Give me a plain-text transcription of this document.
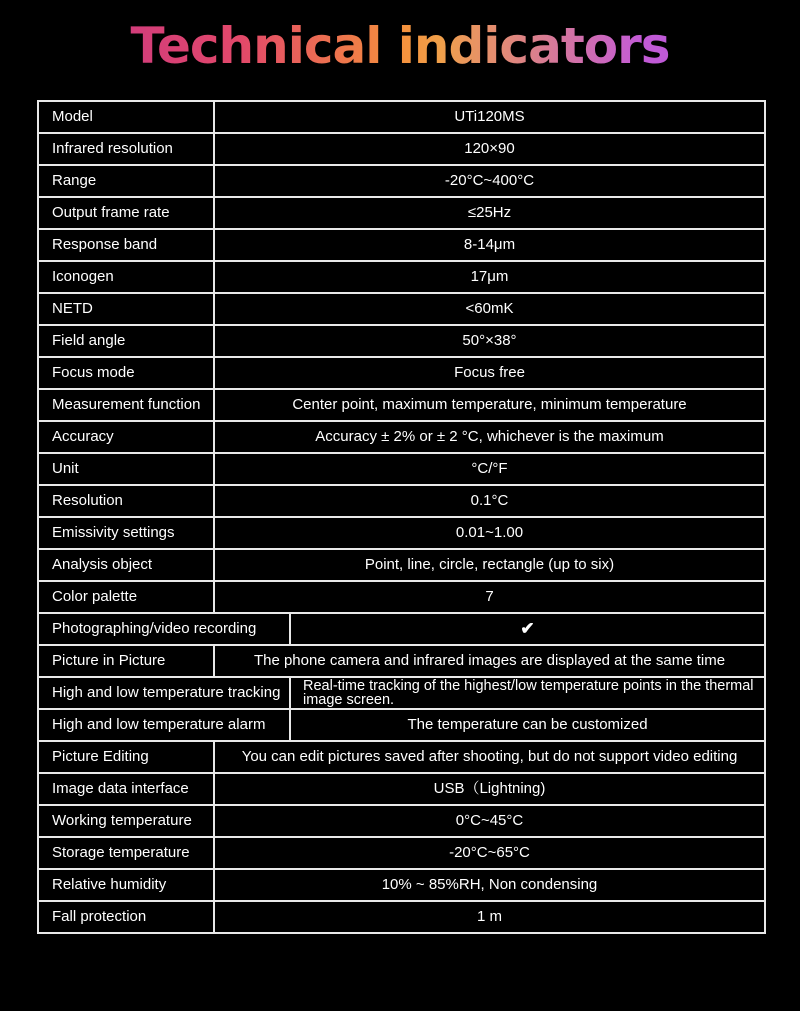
Technical indicators
Model	UTi120MS	
Infrared resolution	120×90	
Range	-20°C~400°C	
Output frame rate	≤25Hz	
Response band	8-14μm	
Iconogen	17μm	
NETD	<60mK	
Field angle	50°×38°	
Focus mode	Focus free	
Measurement function	Center point, maximum temperature, minimum temperature	
Accuracy	Accuracy ± 2% or ± 2 °C, whichever is the maximum	
Unit	°C/°F	
Resolution	0.1°C	
Emissivity settings	0.01~1.00	
Analysis object	Point, line, circle, rectangle (up to six)	
Color palette	7	
Photographing/video recording		✔
Picture in Picture	The phone camera and infrared images are displayed at the same time	
High and low temperature tracking		Real-time tracking of the highest/low temperature points in the thermal image screen.
High and low temperature alarm		The temperature can be customized
Picture Editing	You can edit pictures saved after shooting, but do not support video editing	
Image data interface	USB（Lightning)	
Working temperature	0°C~45°C	
Storage temperature	-20°C~65°C	
Relative humidity	10% ~ 85%RH, Non condensing	
Fall protection	1 m	
